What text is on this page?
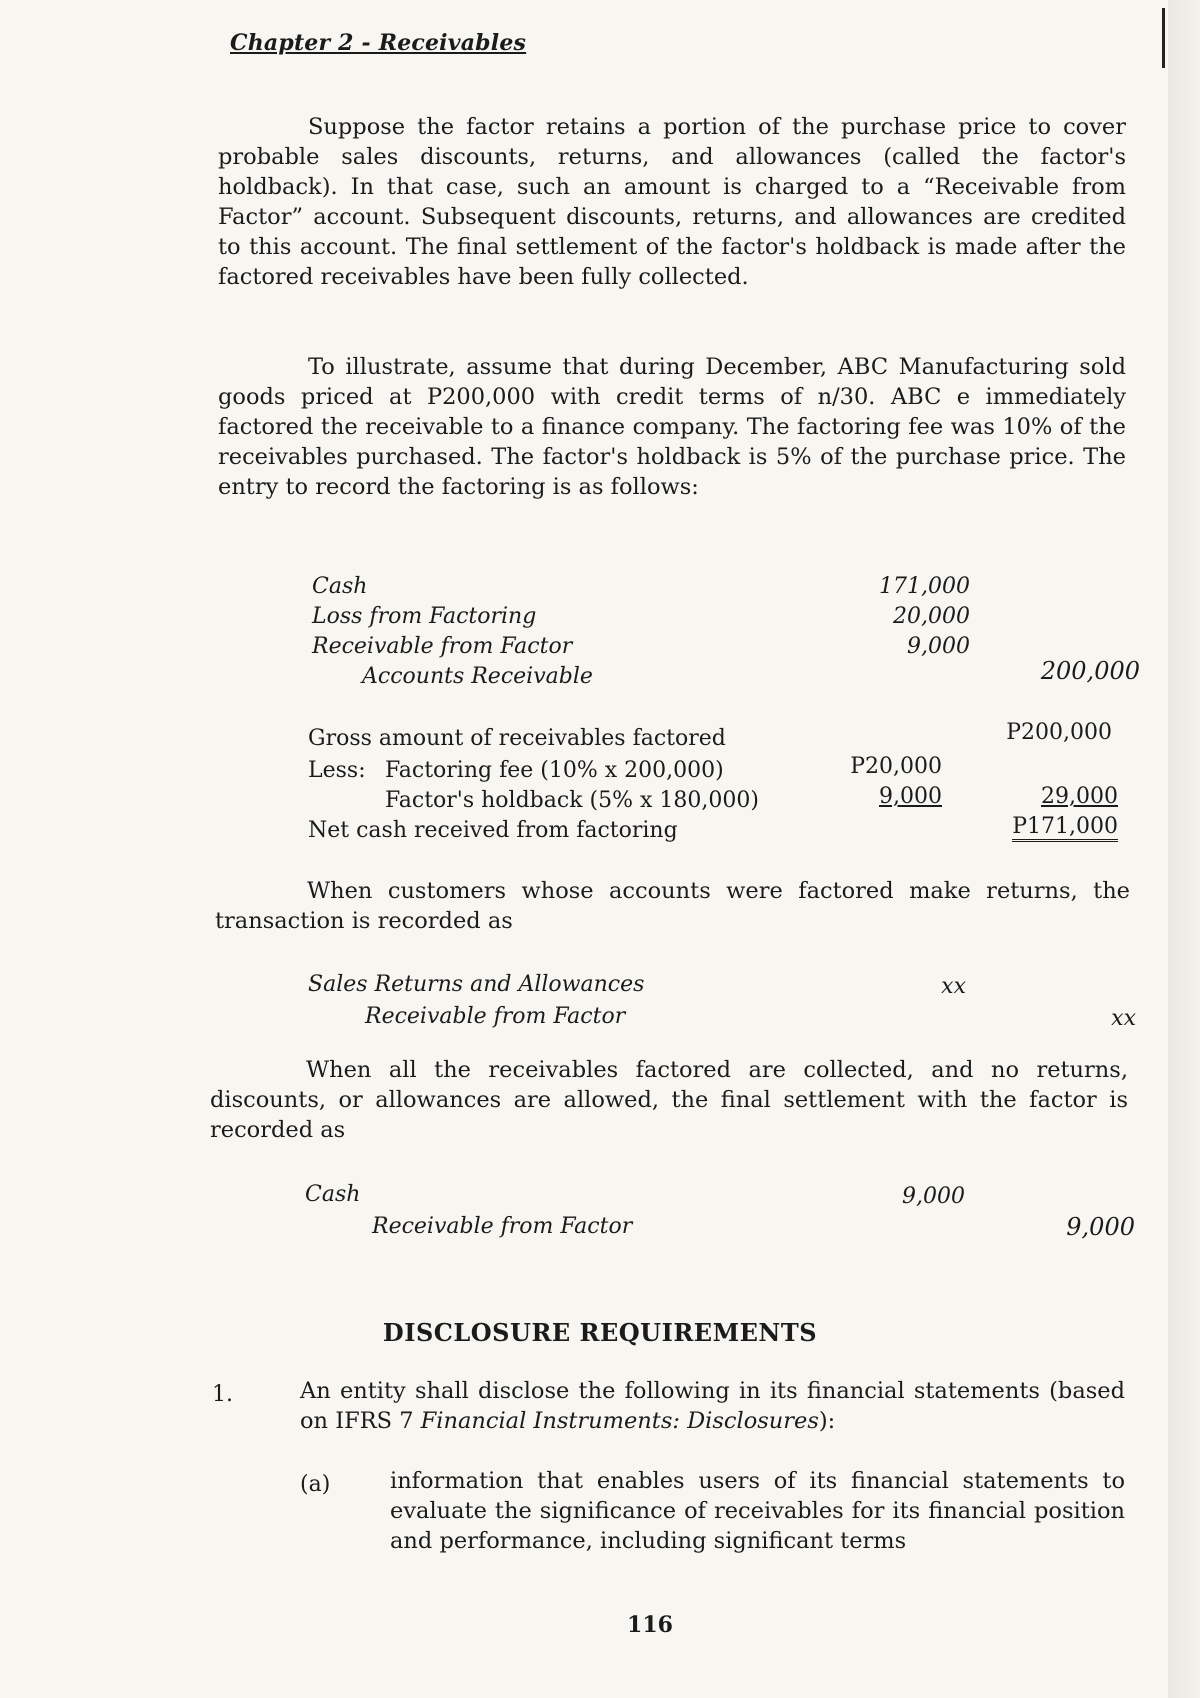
Chapter 2 - Receivables

Suppose the factor retains a portion of the purchase price to cover probable sales discounts, returns, and allowances (called the factor's holdback). In that case, such an amount is charged to a “Receivable from Factor” account. Subsequent discounts, returns, and allowances are credited to this account. The final settlement of the factor's holdback is made after the factored receivables have been fully collected.

To illustrate, assume that during December, ABC Manufacturing sold goods priced at P200,000 with credit terms of n/30. ABC e immediately factored the receivable to a finance company. The factoring fee was 10% of the receivables purchased. The factor's holdback is 5% of the purchase price. The entry to record the factoring is as follows:

Cash	171,000
Loss from Factoring	20,000
Receivable from Factor	9,000
Accounts Receivable	200,000
Gross amount of receivables factored	P200,000
Less: Factoring fee (10% x 200,000)	P20,000
Factor's holdback (5% x 180,000)	9,000	29,000
Net cash received from factoring	P171,000

When customers whose accounts were factored make returns, the transaction is recorded as

Sales Returns and Allowances	xx
Receivable from Factor	xx

When all the receivables factored are collected, and no returns, discounts, or allowances are allowed, the final settlement with the factor is recorded as

Cash	9,000
Receivable from Factor	9,000
DISCLOSURE REQUIREMENTS
1.	An entity shall disclose the following in its financial statements (based on IFRS 7 Financial Instruments: Disclosures):

(a)	information that enables users of its financial statements to evaluate the significance of receivables for its financial position and performance, including significant terms

116
